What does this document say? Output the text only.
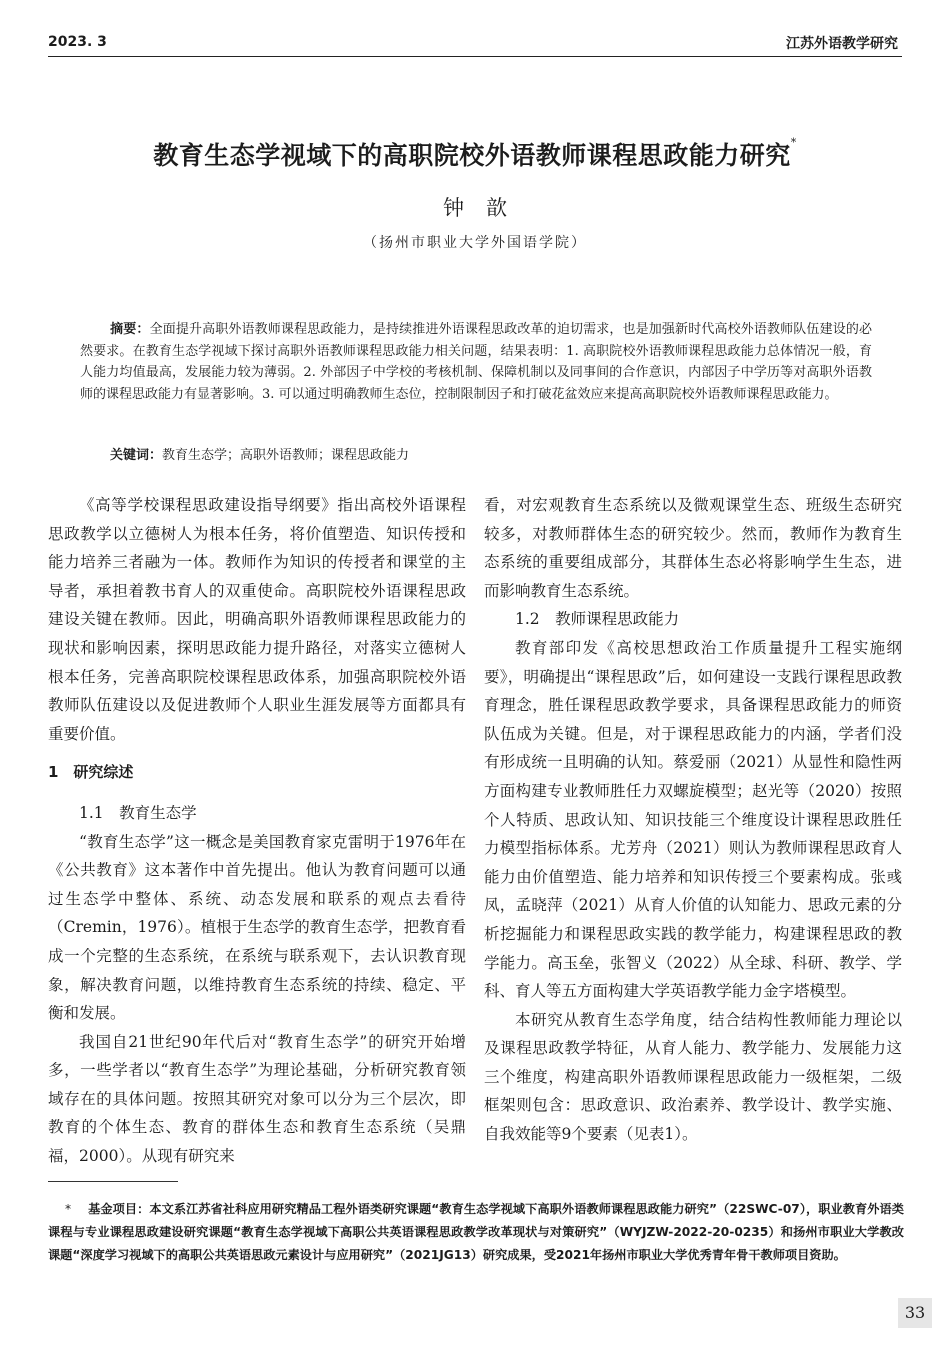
2023. 3	江苏外语教学研究
教育生态学视域下的高职院校外语教师课程思政能力研究*
钟歆
（扬州市职业大学外国语学院）
摘要：全面提升高职外语教师课程思政能力，是持续推进外语课程思政改革的迫切需求，也是加强新时代高校外语教师队伍建设的必然要求。在教育生态学视域下探讨高职外语教师课程思政能力相关问题，结果表明：1. 高职院校外语教师课程思政能力总体情况一般，育人能力均值最高，发展能力较为薄弱。2. 外部因子中学校的考核机制、保障机制以及同事间的合作意识，内部因子中学历等对高职外语教师的课程思政能力有显著影响。3. 可以通过明确教师生态位，控制限制因子和打破花盆效应来提高高职院校外语教师课程思政能力。
关键词：教育生态学；高职外语教师；课程思政能力

《高等学校课程思政建设指导纲要》指出高校外语课程思政教学以立德树人为根本任务，将价值塑造、知识传授和能力培养三者融为一体。教师作为知识的传授者和课堂的主导者，承担着教书育人的双重使命。高职院校外语课程思政建设关键在教师。因此，明确高职外语教师课程思政能力的现状和影响因素，探明思政能力提升路径，对落实立德树人根本任务，完善高职院校课程思政体系，加强高职院校外语教师队伍建设以及促进教师个人职业生涯发展等方面都具有重要价值。

1　研究综述

1.1　教育生态学

“教育生态学”这一概念是美国教育家克雷明于1976年在《公共教育》这本著作中首先提出。他认为教育问题可以通过生态学中整体、系统、动态发展和联系的观点去看待（Cremin，1976）。植根于生态学的教育生态学，把教育看成一个完整的生态系统，在系统与联系观下，去认识教育现象，解决教育问题，以维持教育生态系统的持续、稳定、平衡和发展。

我国自21世纪90年代后对“教育生态学”的研究开始增多，一些学者以“教育生态学”为理论基础，分析研究教育领域存在的具体问题。按照其研究对象可以分为三个层次，即教育的个体生态、教育的群体生态和教育生态系统（吴鼎福，2000）。从现有研究来

看，对宏观教育生态系统以及微观课堂生态、班级生态研究较多，对教师群体生态的研究较少。然而，教师作为教育生态系统的重要组成部分，其群体生态必将影响学生生态，进而影响教育生态系统。

1.2　教师课程思政能力

教育部印发《高校思想政治工作质量提升工程实施纲要》，明确提出“课程思政”后，如何建设一支践行课程思政教育理念，胜任课程思政教学要求，具备课程思政能力的师资队伍成为关键。但是，对于课程思政能力的内涵，学者们没有形成统一且明确的认知。蔡爱丽（2021）从显性和隐性两方面构建专业教师胜任力双螺旋模型；赵光等（2020）按照个人特质、思政认知、知识技能三个维度设计课程思政胜任力模型指标体系。尤芳舟（2021）则认为教师课程思政育人能力由价值塑造、能力培养和知识传授三个要素构成。张彧凤，孟晓萍（2021）从育人价值的认知能力、思政元素的分析挖掘能力和课程思政实践的教学能力，构建课程思政的教学能力。高玉垒，张智义（2022）从全球、科研、教学、学科、育人等五方面构建大学英语教学能力金字塔模型。

本研究从教育生态学角度，结合结构性教师能力理论以及课程思政教学特征，从育人能力、教学能力、发展能力这三个维度，构建高职外语教师课程思政能力一级框架，二级框架则包含：思政意识、政治素养、教学设计、教学实施、自我效能等9个要素（见表1）。

* 基金项目：本文系江苏省社科应用研究精品工程外语类研究课题“教育生态学视域下高职外语教师课程思政能力研究”（22SWC-07），职业教育外语类课程与专业课程思政建设研究课题“教育生态学视域下高职公共英语课程思政教学改革现状与对策研究”（WYJZW-2022-20-0235）和扬州市职业大学教改课题“深度学习视域下的高职公共英语思政元素设计与应用研究”（2021JG13）研究成果，受2021年扬州市职业大学优秀青年骨干教师项目资助。
33
